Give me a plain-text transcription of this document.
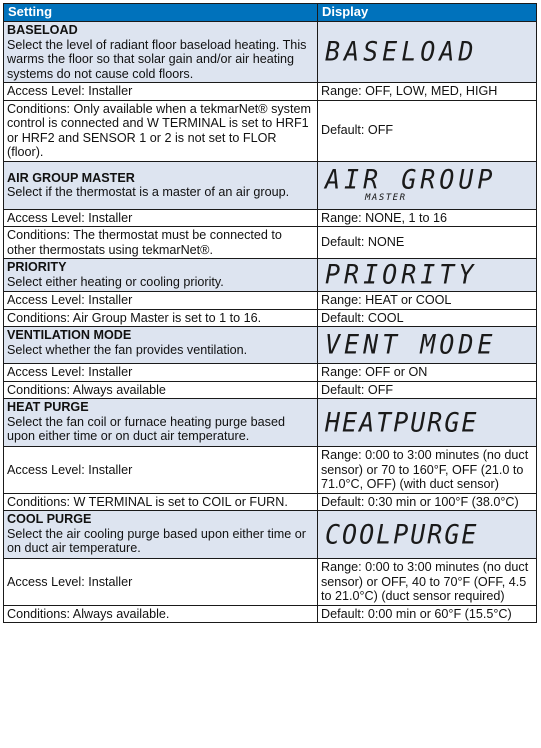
Setting	Display

BASELOAD
Select the level of radiant floor baseload heating. This warms the floor so that solar gain and/or air heating systems do not cause cold floors.	BASELOAD

Access Level: Installer	Range: OFF, LOW, MED, HIGH
Conditions: Only available when a tekmarNet® system control is connected and W TERMINAL is set to HRF1 or HRF2 and SENSOR 1 or 2 is not set to FLOR (floor).	Default: OFF

AIR GROUP MASTER
Select if the thermostat is a master of an air group.	AIR GROUP
MASTER

Access Level: Installer	Range: NONE, 1 to 16
Conditions: The thermostat must be connected to other thermostats using tekmarNet®.	Default: NONE

PRIORITY
Select either heating or cooling priority.	PRIORITY

Access Level: Installer	Range: HEAT or COOL
Conditions: Air Group Master is set to 1 to 16.	Default: COOL

VENTILATION MODE
Select whether the fan provides ventilation.	VENT MODE

Access Level: Installer	Range: OFF or ON
Conditions: Always available	Default: OFF

HEAT PURGE
Select the fan coil or furnace heating purge based upon either time or on duct air temperature.	HEATPURGE

Access Level: Installer	Range: 0:00 to 3:00 minutes (no duct sensor) or 70 to 160°F, OFF (21.0 to 71.0°C, OFF) (with duct sensor)
Conditions: W TERMINAL is set to COIL or FURN.	Default: 0:30 min or 100°F (38.0°C)

COOL PURGE
Select the air cooling purge based upon either time or on duct air temperature.	COOLPURGE

Access Level: Installer	Range: 0:00 to 3:00 minutes (no duct sensor) or OFF, 40 to 70°F (OFF, 4.5 to 21.0°C) (duct sensor required)
Conditions: Always available.	Default: 0:00 min or 60°F (15.5°C)
